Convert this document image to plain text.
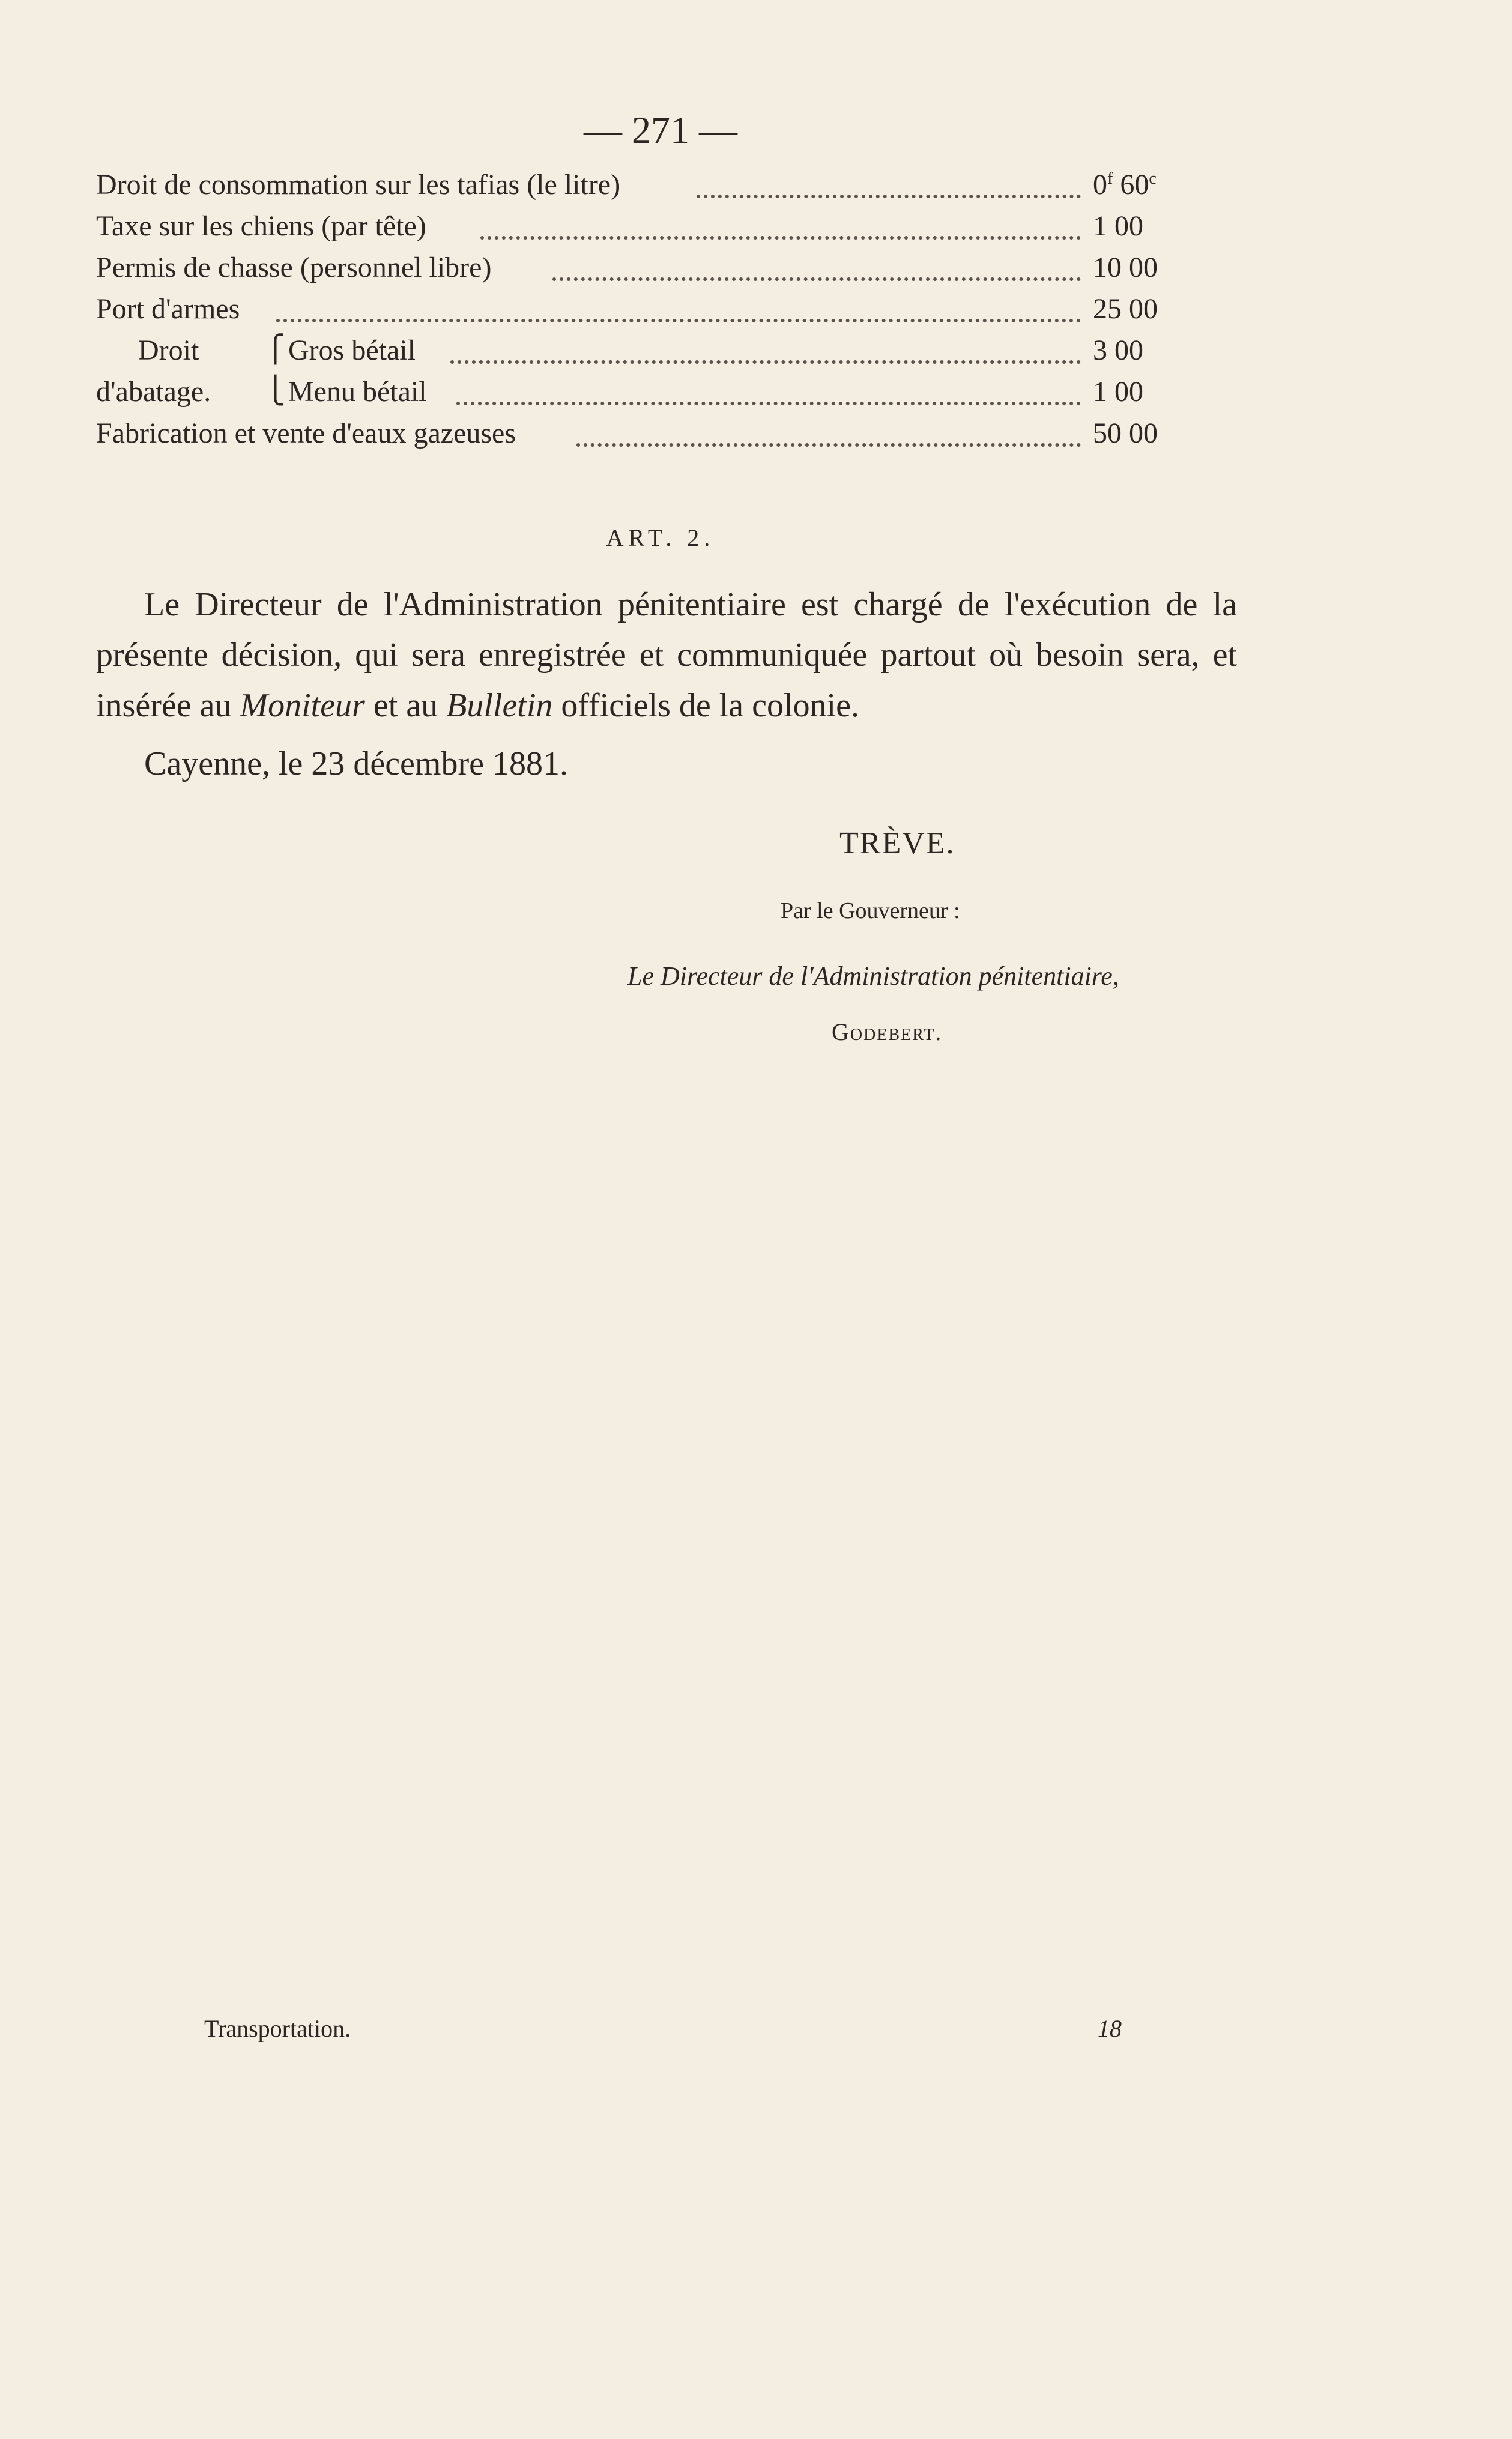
— 271 —
Droit de consommation sur les tafias (le litre)	0$^f$ 60$^c$
Taxe sur les chiens (par tête)	1 00
Permis de chasse (personnel libre)	10 00
Port d'armes	25 00
Droit	⎧ Gros bétail	3 00
d'abatage. ⎩ Menu bétail	1 00
Fabrication et vente d'eaux gazeuses	50 00
ART. 2.

Le Directeur de l'Administration pénitentiaire est chargé de l'exécution de la présente décision, qui sera enregistrée et communiquée partout où besoin sera, et insérée au Moniteur et au Bulletin officiels de la colonie.

Cayenne, le 23 décembre 1881.
TRÈVE.
Par le Gouverneur :
Le Directeur de l'Administration pénitentiaire,
Godebert.
Transportation.	18
